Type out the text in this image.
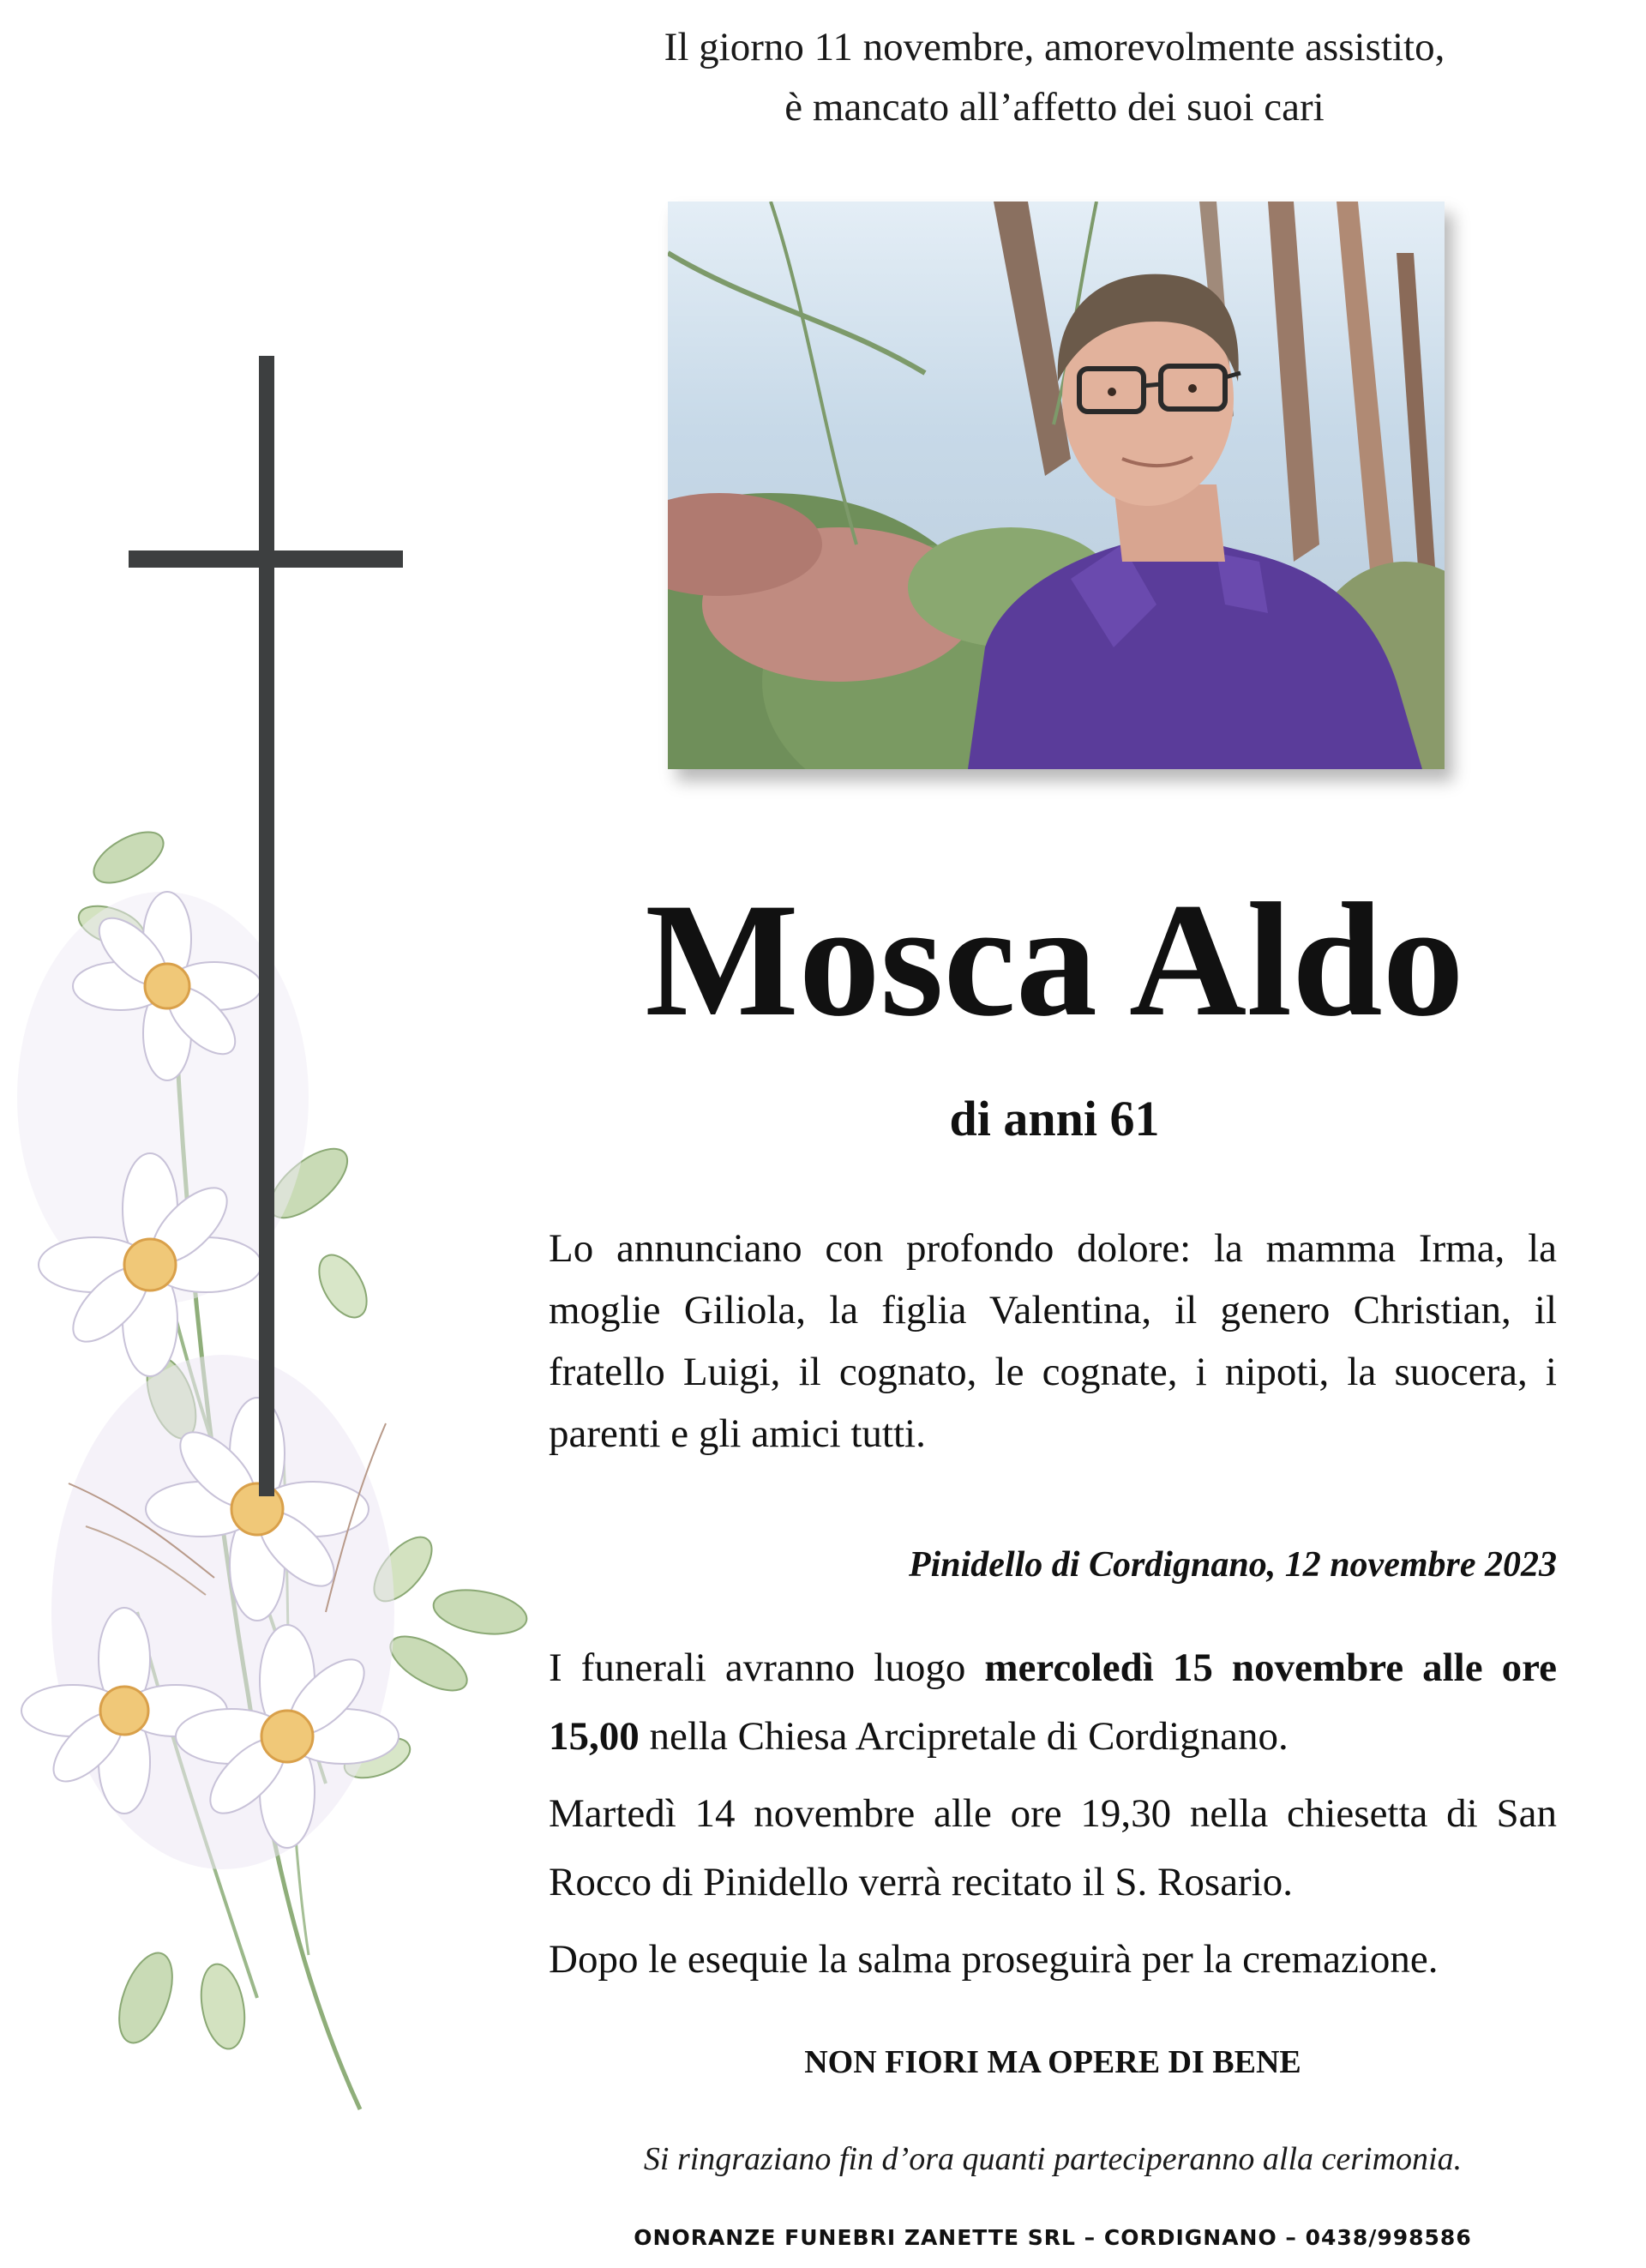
Il giorno 11 novembre, amorevolmente assistito,
è mancato all’affetto dei suoi cari
Mosca Aldo
di anni 61
Lo annunciano con profondo dolore: la mamma Irma, la moglie Giliola, la figlia Valentina, il genero Christian, il fratello Luigi, il cognato, le cognate, i nipoti, la suocera, i parenti e gli amici tutti.
Pinidello di Cordignano, 12 novembre 2023
I funerali avranno luogo mercoledì 15 novembre alle ore 15,00 nella Chiesa Arcipretale di Cordignano.
Martedì 14 novembre alle ore 19,30 nella chiesetta di San Rocco di Pinidello verrà recitato il S. Rosario.
Dopo le esequie la salma proseguirà per la cremazione.
NON FIORI MA OPERE DI BENE
Si ringraziano fin d’ora quanti parteciperanno alla cerimonia.
ONORANZE FUNEBRI ZANETTE SRL – CORDIGNANO – 0438/998586
